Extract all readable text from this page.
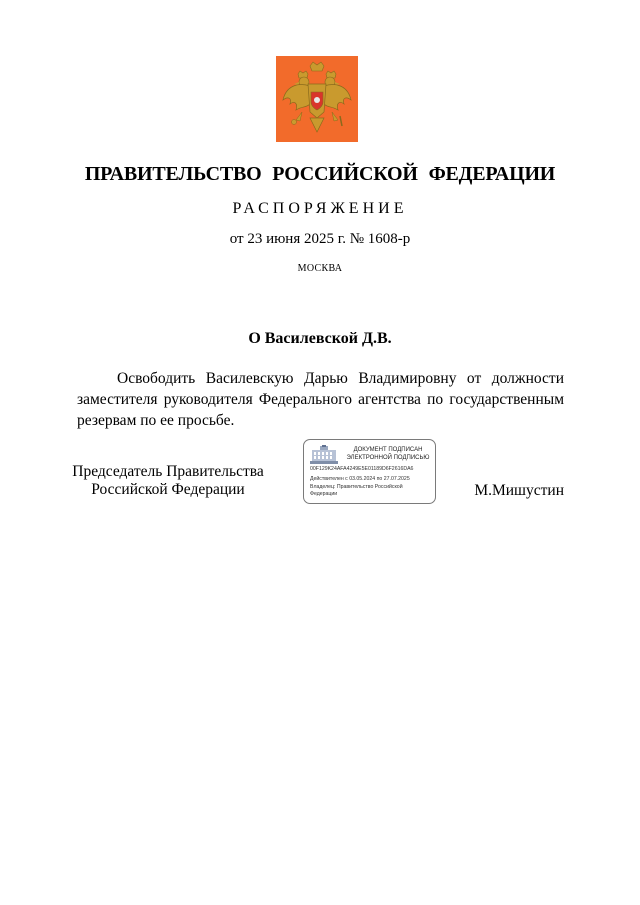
ПРАВИТЕЛЬСТВО РОССИЙСКОЙ ФЕДЕРАЦИИ
РАСПОРЯЖЕНИЕ
от 23 июня 2025 г. № 1608-р
МОСКВА
О Василевской Д.В.
Освободить Василевскую Дарью Владимировну от должности заместителя руководителя Федерального агентства по государственным резервам по ее просьбе.
Председатель Правительства
Российской Федерации
ДОКУМЕНТ ПОДПИСАН
ЭЛЕКТРОННОЙ ПОДПИСЬЮ
00F129K24AFA4249E5E01189D6F2616DA6
Действителен с 03.05.2024 по 27.07.2025
Владелец: Правительство Российской Федерации	М.Мишустин
